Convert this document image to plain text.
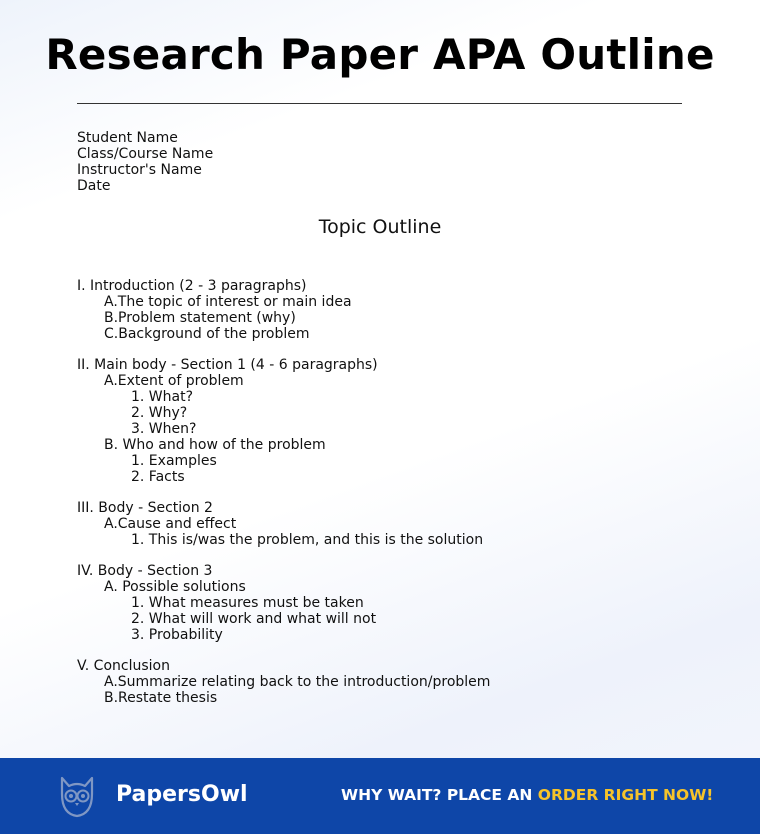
Research Paper APA Outline
Student Name
Class/Course Name
Instructor's Name
Date
Topic Outline
I. Introduction (2 - 3 paragraphs)
A.The topic of interest or main idea
B.Problem statement (why)
C.Background of the problem
II. Main body - Section 1 (4 - 6 paragraphs)
A.Extent of problem
1. What?
2. Why?
3. When?
B. Who and how of the problem
1. Examples
2. Facts
III. Body - Section 2
A.Cause and effect
1. This is/was the problem, and this is the solution
IV. Body - Section 3
A. Possible solutions
1. What measures must be taken
2. What will work and what will not
3. Probability
V. Conclusion
A.Summarize relating back to the introduction/problem
B.Restate thesis
PapersOwl	WHY WAIT? PLACE AN ORDER RIGHT NOW!
